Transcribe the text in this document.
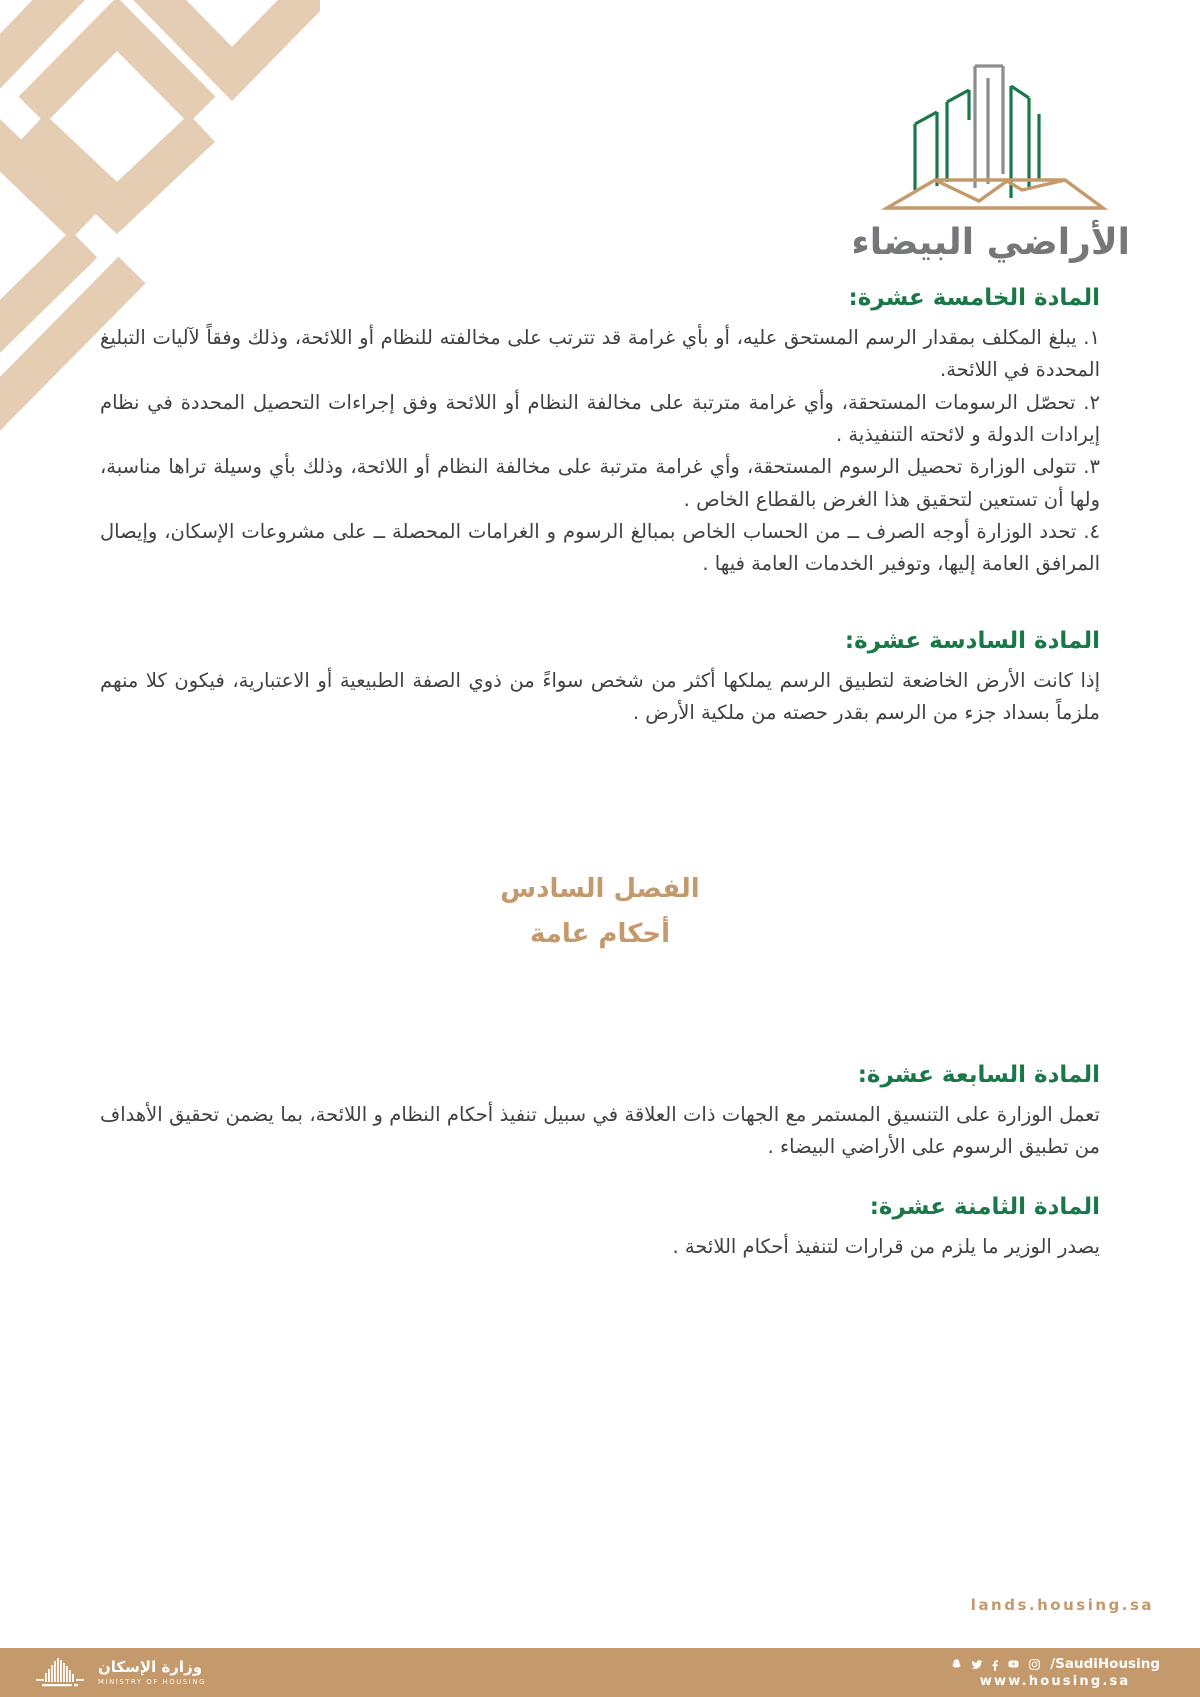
الأراضي البيضاء
المادة الخامسة عشرة:

١. يبلغ المكلف بمقدار الرسم المستحق عليه، أو بأي غرامة قد تترتب على مخالفته للنظام أو اللائحة، وذلك وفقاً لآليات التبليغ المحددة في اللائحة.

٢. تحصّل الرسومات المستحقة، وأي غرامة مترتبة على مخالفة النظام أو اللائحة وفق إجراءات التحصيل المحددة في نظام إيرادات الدولة و لائحته التنفيذية .

٣. تتولى الوزارة تحصيل الرسوم المستحقة، وأي غرامة مترتبة على مخالفة النظام أو اللائحة، وذلك بأي وسيلة تراها مناسبة، ولها أن تستعين لتحقيق هذا الغرض بالقطاع الخاص .

٤. تحدد الوزارة أوجه الصرف ــ من الحساب الخاص بمبالغ الرسوم و الغرامات المحصلة ــ على مشروعات الإسكان، وإيصال المرافق العامة إليها، وتوفير الخدمات العامة فيها .

المادة السادسة عشرة:

إذا كانت الأرض الخاضعة لتطبيق الرسم يملكها أكثر من شخص سواءً من ذوي الصفة الطبيعية أو الاعتبارية، فيكون كلا منهم ملزماً بسداد جزء من الرسم بقدر حصته من ملكية الأرض .

الفصل السادس
أحكام عامة
المادة السابعة عشرة:

تعمل الوزارة على التنسيق المستمر مع الجهات ذات العلاقة في سبيل تنفيذ أحكام النظام و اللائحة، بما يضمن تحقيق الأهداف من تطبيق الرسوم على الأراضي البيضاء .

المادة الثامنة عشرة:

يصدر الوزير ما يلزم من قرارات لتنفيذ أحكام اللائحة .

lands.housing.sa
وزارة الإسكان
MINISTRY OF HOUSING
/SaudiHousing
www.housing.sa
